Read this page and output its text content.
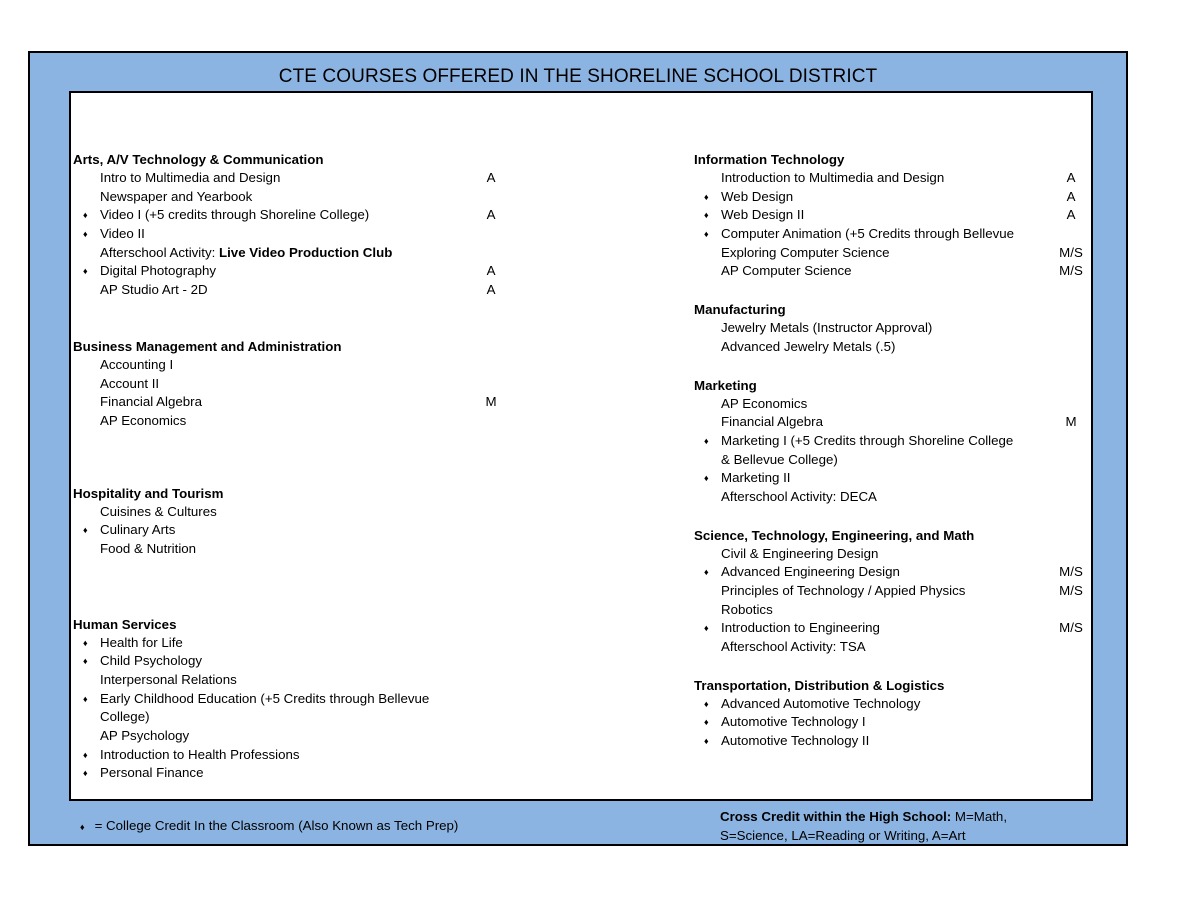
CTE COURSES OFFERED IN THE SHORELINE SCHOOL DISTRICT
Arts, A/V Technology & Communication
Intro to Multimedia and Design	A
Newspaper and Yearbook
♦ Video I (+5 credits through Shoreline College)	A
♦ Video II
Afterschool Activity: Live Video Production Club
♦ Digital Photography	A
AP Studio Art - 2D	A
Business Management and Administration
Accounting I
Account II
Financial Algebra	M
AP Economics
Hospitality and Tourism
Cuisines & Cultures
♦ Culinary Arts
Food & Nutrition
Human Services
♦ Health for Life
♦ Child Psychology
Interpersonal Relations
♦ Early Childhood Education (+5 Credits through Bellevue
College)
AP Psychology
♦ Introduction to Health Professions
♦ Personal Finance
Information Technology
Introduction to Multimedia and Design	A
♦ Web Design	A
♦ Web Design II	A
♦ Computer Animation (+5 Credits through Bellevue
Exploring Computer Science	M/S
AP Computer Science	M/S
Manufacturing
Jewelry Metals (Instructor Approval)
Advanced Jewelry Metals (.5)
Marketing
AP Economics
Financial Algebra	M
♦ Marketing I (+5 Credits through Shoreline College
& Bellevue College)
♦ Marketing II
Afterschool Activity: DECA
Science, Technology, Engineering, and Math
Civil & Engineering Design
♦ Advanced Engineering Design	M/S
Principles of Technology / Appied Physics	M/S
Robotics
♦ Introduction to Engineering	M/S
Afterschool Activity: TSA
Transportation, Distribution & Logistics
♦ Advanced Automotive Technology
♦ Automotive Technology I
♦ Automotive Technology II
♦ = College Credit In the Classroom (Also Known as Tech Prep)
Cross Credit within the High School: M=Math,
S=Science, LA=Reading or Writing, A=Art
